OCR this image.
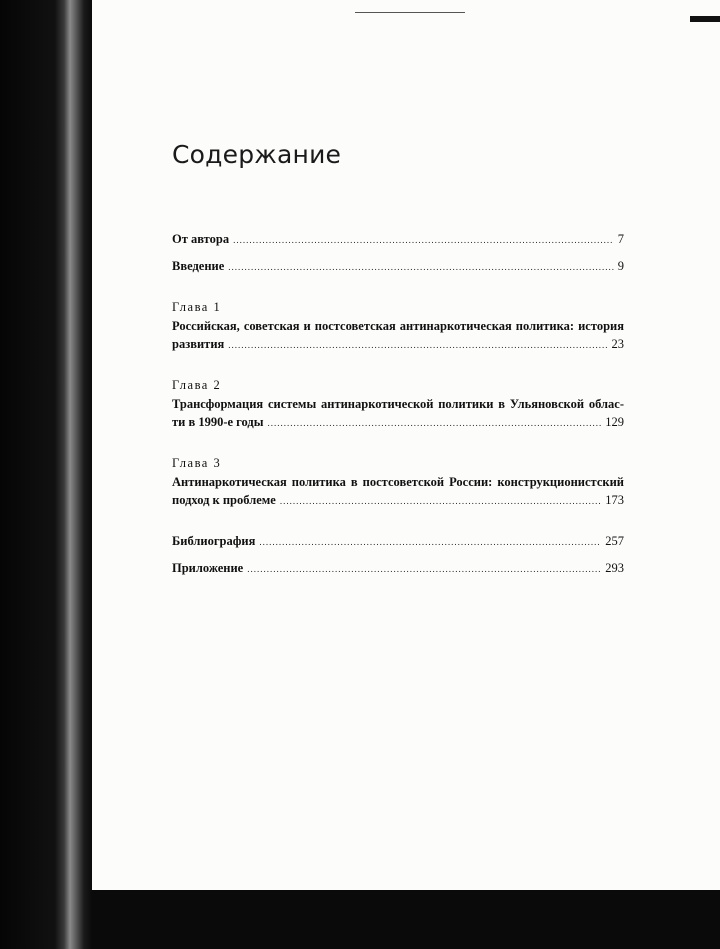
Содержание
От автора .....	7
Введение .....	9
Глава 1
Российская, советская и постсоветская антинаркотическая политика: история
развития .....	23
Глава 2
Трансформация системы антинаркотической политики в Ульяновской облас-
ти в 1990-е годы .....	129
Глава 3
Антинаркотическая политика в постсоветской России: конструкционистский
подход к проблеме .....	173
Библиография .....	257
Приложение .....	293
